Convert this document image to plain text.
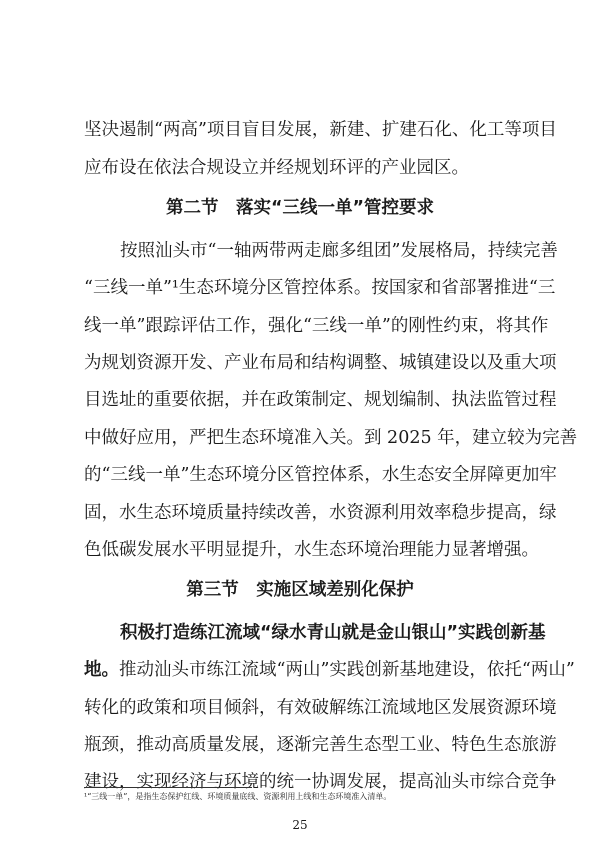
坚决遏制“两高”项目盲目发展，新建、扩建石化、化工等项目
应布设在依法合规设立并经规划环评的产业园区。
第二节　落实“三线一单”管控要求
按照汕头市“一轴两带两走廊多组团”发展格局，持续完善
“三线一单”¹生态环境分区管控体系。按国家和省部署推进“三
线一单”跟踪评估工作，强化“三线一单”的刚性约束，将其作
为规划资源开发、产业布局和结构调整、城镇建设以及重大项
目选址的重要依据，并在政策制定、规划编制、执法监管过程
中做好应用，严把生态环境准入关。到 2025 年，建立较为完善
的“三线一单”生态环境分区管控体系，水生态安全屏障更加牢
固，水生态环境质量持续改善，水资源利用效率稳步提高，绿
色低碳发展水平明显提升，水生态环境治理能力显著增强。
第三节　实施区域差别化保护
积极打造练江流域“绿水青山就是金山银山”实践创新基
地。推动汕头市练江流域“两山”实践创新基地建设，依托“两山”
转化的政策和项目倾斜，有效破解练江流域地区发展资源环境
瓶颈，推动高质量发展，逐渐完善生态型工业、特色生态旅游
建设，实现经济与环境的统一协调发展，提高汕头市综合竞争
¹“三线一单”，是指生态保护红线、环境质量底线、资源利用上线和生态环境准入清单。
25
